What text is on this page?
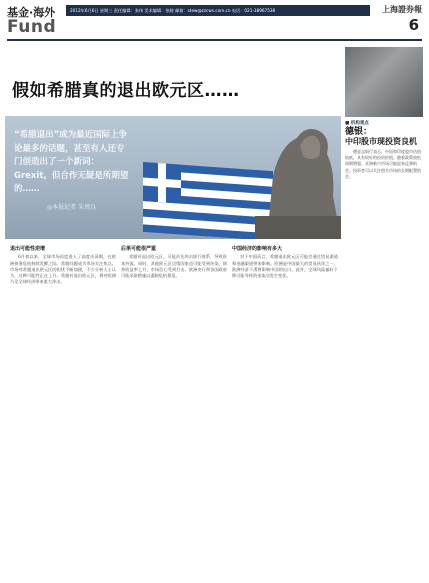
基金·海外	2012年6月6日 星期三 责任编辑：张伟 美术编辑：张晓 邮箱：stew@zzcws.com.cn 电话：021-38967538	上海證券報
Fund	6
假如希腊真的退出欧元区……
“希腊退出”或为最近国际上争论最多的话题，甚至有人还专门创造出了一个新词：Grexit。但合作无疑是所期望的……
◎本报记者 朱周良
退出可能性逆增

6月初以来，全球市场再度进入了高度动荡期，在欧洲债务危机持续发酵之际，希腊问题成为市场关注焦点。市场对希腊退出欧元区的担忧不断加剧，不少分析人士认为，这种可能性正在上升。希腊若退出欧元区，将对欧洲乃至全球经济带来重大冲击。

后果可能很严重

希腊若退出欧元区，可能首先冲击银行体系，导致资本外流。同时，其他欧元区边缘国家也可能受到传染，债券收益率上升，市场信心受到打击。欧洲央行和各国政府可能采取措施以遏制危机蔓延。

中国经济的影响有多大

对于中国而言，希腊退出欧元区可能会通过贸易渠道和金融渠道带来影响。欧洲是中国最大的贸易伙伴之一，欧洲经济下滑将影响中国的出口。此外，全球风险偏好下降可能导致资金流动发生变化。

■ 机构观点
德银：
中印股市现投资良机

德意志银行表示，中国和印度股市估值较低，具有较好的投资价值。随着政策放松预期增强，亚洲新兴市场可能迎来反弹机会。投资者可以关注相关市场的长期配置机会。
